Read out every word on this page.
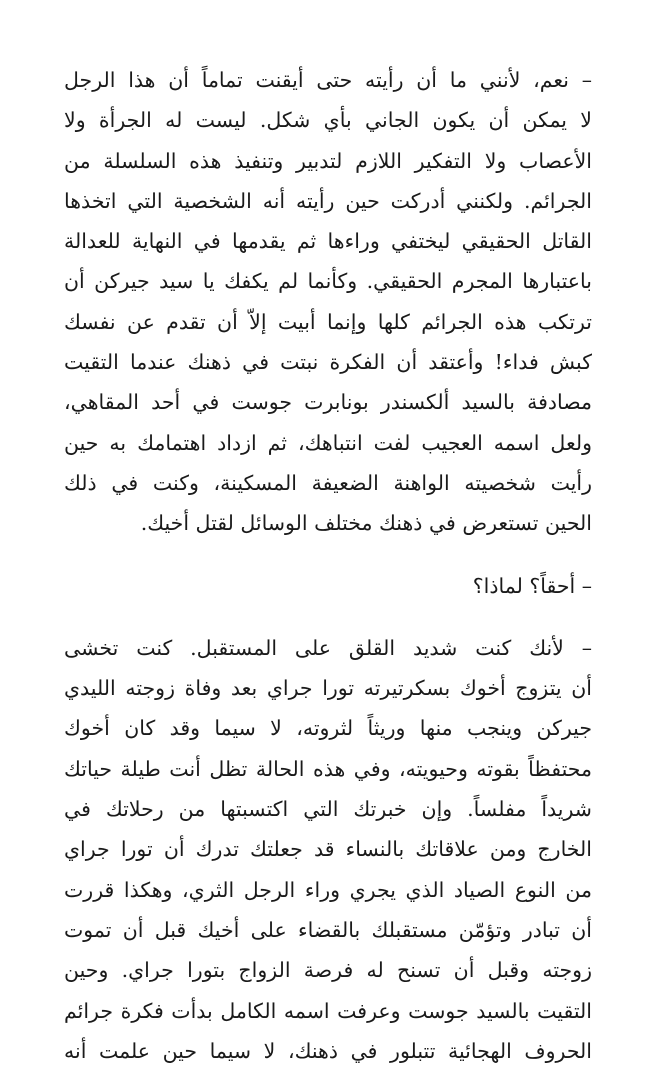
– نعم، لأنني ما أن رأيته حتى أيقنت تماماً أن هذا الرجل
لا يمكن أن يكون الجاني بأي شكل. ليست له الجرأة ولا
الأعصاب ولا التفكير اللازم لتدبير وتنفيذ هذه السلسلة من
الجرائم. ولكنني أدركت حين رأيته أنه الشخصية التي اتخذها
القاتل الحقيقي ليختفي وراءها ثم يقدمها في النهاية للعدالة
باعتبارها المجرم الحقيقي. وكأنما لم يكفك يا سيد جيركن أن
ترتكب هذه الجرائم كلها وإنما أبيت إلاّ أن تقدم عن نفسك
كبش فداء! وأعتقد أن الفكرة نبتت في ذهنك عندما التقيت
مصادفة بالسيد ألكسندر بونابرت جوست في أحد المقاهي،
ولعل اسمه العجيب لفت انتباهك، ثم ازداد اهتمامك به حين
رأيت شخصيته الواهنة الضعيفة المسكينة، وكنت في ذلك
الحين تستعرض في ذهنك مختلف الوسائل لقتل أخيك.
– أحقاً؟ لماذا؟
– لأنك كنت شديد القلق على المستقبل. كنت تخشى
أن يتزوج أخوك بسكرتيرته تورا جراي بعد وفاة زوجته الليدي
جيركن وينجب منها وريثاً لثروته، لا سيما وقد كان أخوك
محتفظاً بقوته وحيويته، وفي هذه الحالة تظل أنت طيلة حياتك
شريداً مفلساً. وإن خبرتك التي اكتسبتها من رحلاتك في
الخارج ومن علاقاتك بالنساء قد جعلتك تدرك أن تورا جراي
من النوع الصياد الذي يجري وراء الرجل الثري، وهكذا قررت
أن تبادر وتؤمّن مستقبلك بالقضاء على أخيك قبل أن تموت
زوجته وقبل أن تسنح له فرصة الزواج بتورا جراي. وحين
التقيت بالسيد جوست وعرفت اسمه الكامل بدأت فكرة جرائم
الحروف الهجائية تتبلور في ذهنك، لا سيما حين علمت أنه
